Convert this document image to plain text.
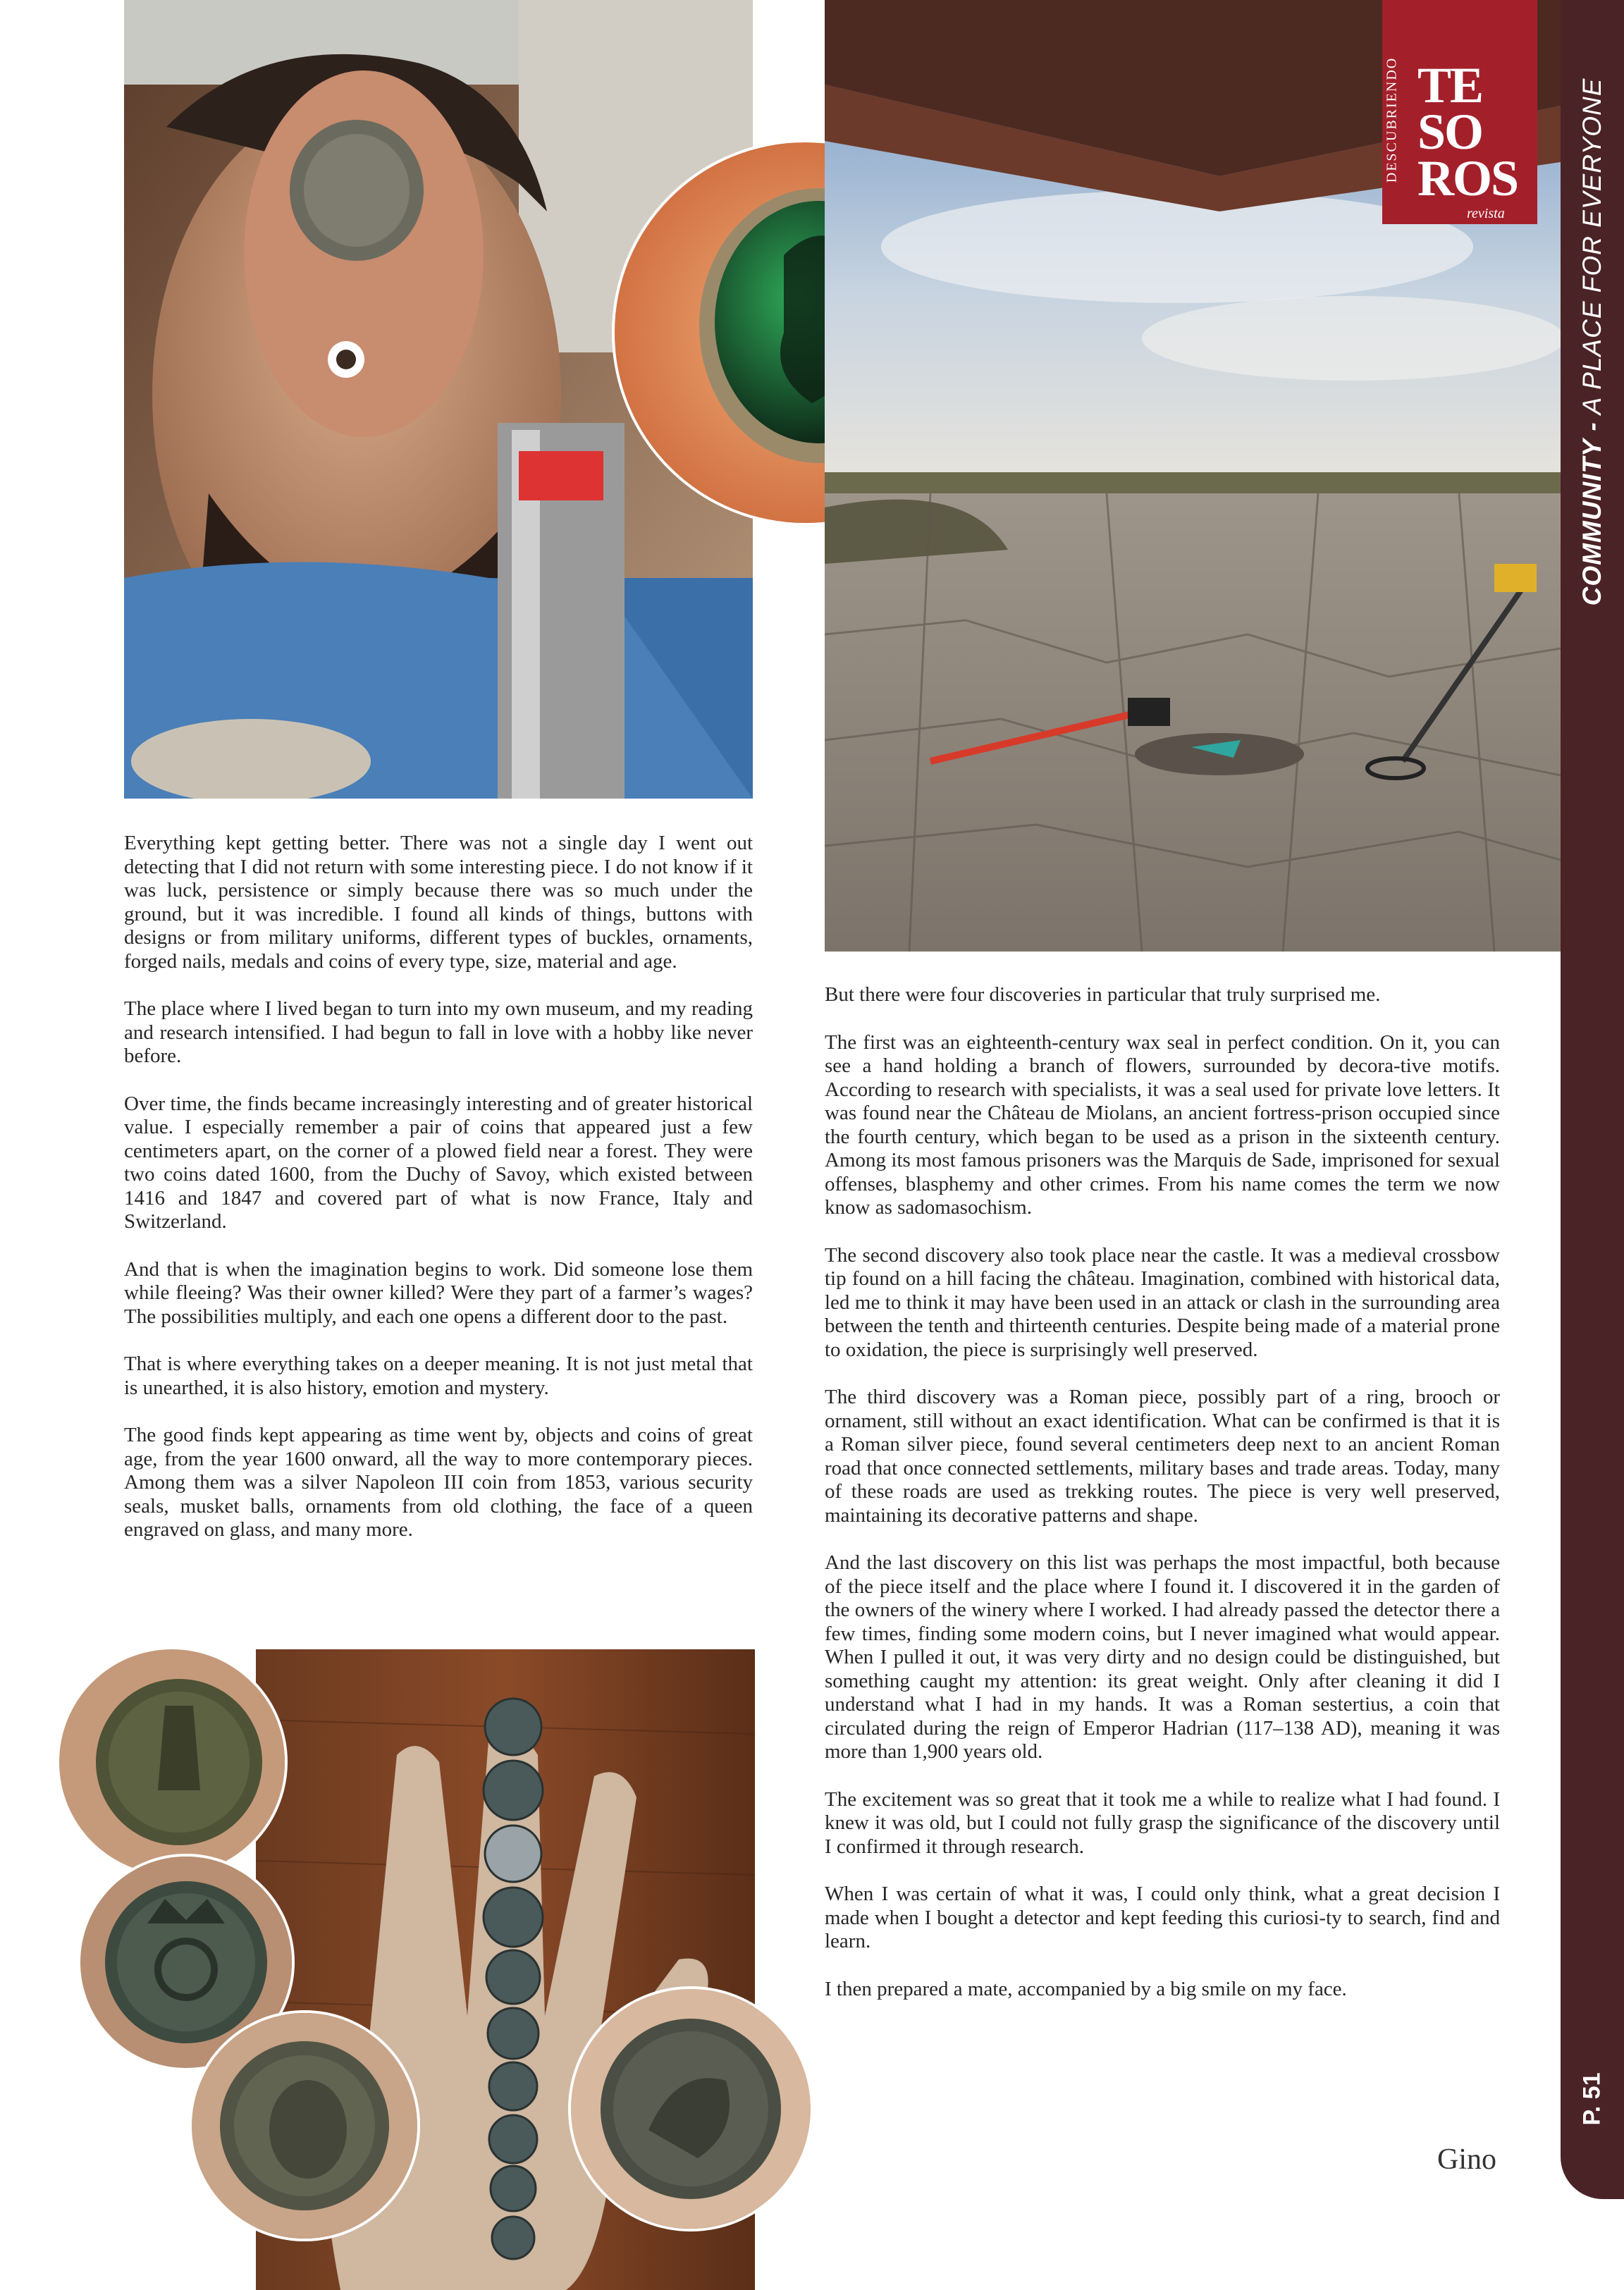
DESCUBRIENDO TE
SO
ROS
revista
COMMUNITY - A PLACE FOR EVERYONE
P. 51

Everything kept getting better. There was not a single day I went out detecting that I did not return with some interesting piece. I do not know if it was luck, persistence or simply because there was so much under the ground, but it was incredible. I found all kinds of things, buttons with designs or from military uniforms, different types of buckles, ornaments, forged nails, medals and coins of every type, size, material and age.

The place where I lived began to turn into my own museum, and my reading and research intensified. I had begun to fall in love with a hobby like never before.

Over time, the finds became increasingly interesting and of greater historical value. I especially remember a pair of coins that appeared just a few centimeters apart, on the corner of a plowed field near a forest. They were two coins dated 1600, from the Duchy of Savoy, which existed between 1416 and 1847 and covered part of what is now France, Italy and Switzerland.

And that is when the imagination begins to work. Did someone lose them while fleeing? Was their owner killed? Were they part of a farmer’s wages? The possibilities multiply, and each one opens a different door to the past.

That is where everything takes on a deeper meaning. It is not just metal that is unearthed, it is also history, emotion and mystery.

The good finds kept appearing as time went by, objects and coins of great age, from the year 1600 onward, all the way to more contemporary pieces. Among them was a silver Napoleon III coin from 1853, various security seals, musket balls, ornaments from old clothing, the face of a queen engraved on glass, and many more.

But there were four discoveries in particular that truly surprised me.

The first was an eighteenth-century wax seal in perfect condition. On it, you can see a hand holding a branch of flowers, surrounded by decora-tive motifs. According to research with specialists, it was a seal used for private love letters. It was found near the Château de Miolans, an ancient fortress-prison occupied since the fourth century, which began to be used as a prison in the sixteenth century. Among its most famous prisoners was the Marquis de Sade, imprisoned for sexual offenses, blasphemy and other crimes. From his name comes the term we now know as sadomasochism.

The second discovery also took place near the castle. It was a medieval crossbow tip found on a hill facing the château. Imagination, combined with historical data, led me to think it may have been used in an attack or clash in the surrounding area between the tenth and thirteenth centuries. Despite being made of a material prone to oxidation, the piece is surprisingly well preserved.

The third discovery was a Roman piece, possibly part of a ring, brooch or ornament, still without an exact identification. What can be confirmed is that it is a Roman silver piece, found several centimeters deep next to an ancient Roman road that once connected settlements, military bases and trade areas. Today, many of these roads are used as trekking routes. The piece is very well preserved, maintaining its decorative patterns and shape.

And the last discovery on this list was perhaps the most impactful, both because of the piece itself and the place where I found it. I discovered it in the garden of the owners of the winery where I worked. I had already passed the detector there a few times, finding some modern coins, but I never imagined what would appear. When I pulled it out, it was very dirty and no design could be distinguished, but something caught my attention: its great weight. Only after cleaning it did I understand what I had in my hands. It was a Roman sestertius, a coin that circulated during the reign of Emperor Hadrian (117–138 AD), meaning it was more than 1,900 years old.

The excitement was so great that it took me a while to realize what I had found. I knew it was old, but I could not fully grasp the significance of the discovery until I confirmed it through research.

When I was certain of what it was, I could only think, what a great decision I made when I bought a detector and kept feeding this curiosi-ty to search, find and learn.

I then prepared a mate, accompanied by a big smile on my face.

Gino
